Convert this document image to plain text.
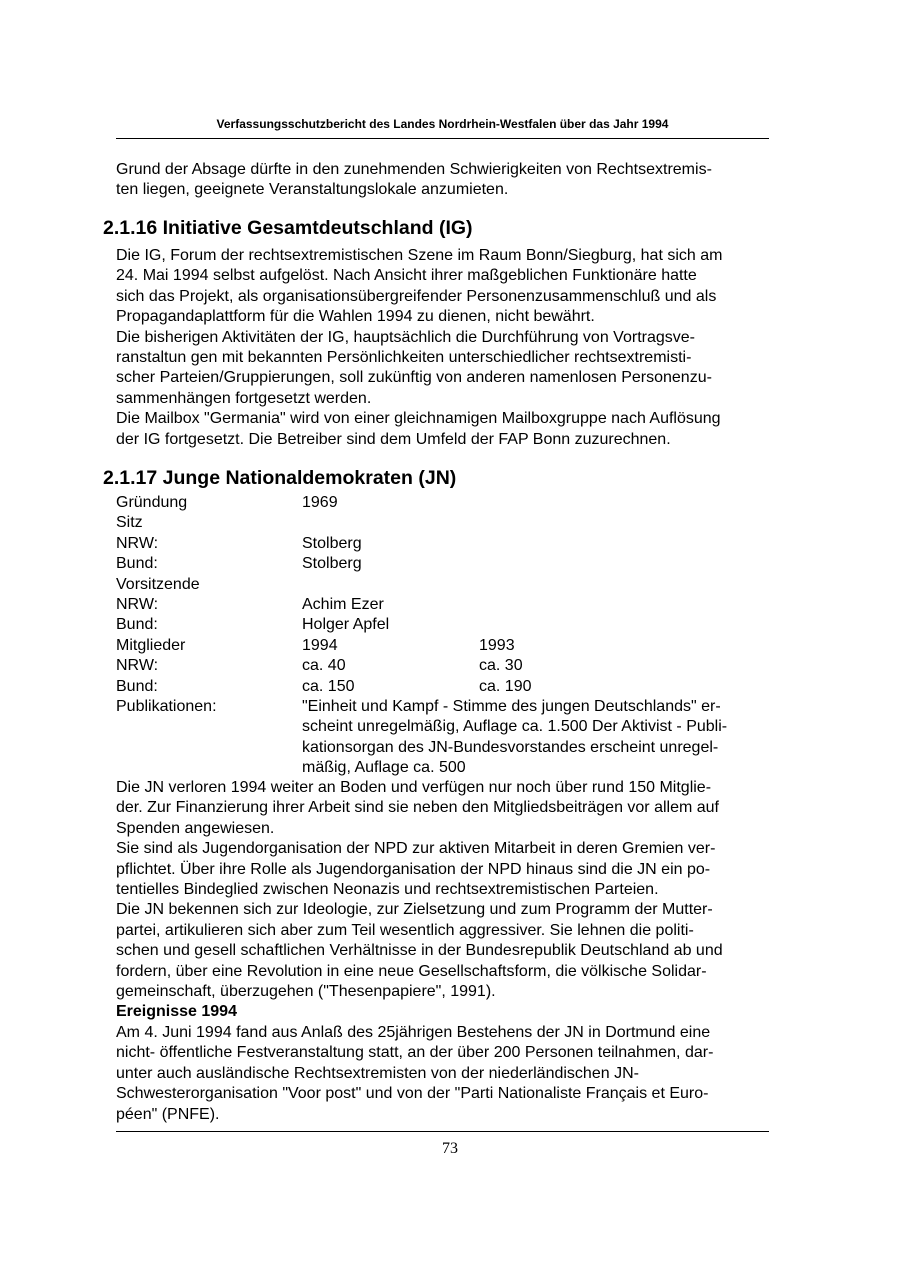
Verfassungsschutzbericht des Landes Nordrhein-Westfalen über das Jahr 1994

Grund der Absage dürfte in den zunehmenden Schwierigkeiten von Rechtsextremis-
ten liegen, geeignete Veranstaltungslokale anzumieten.

2.1.16 Initiative Gesamtdeutschland (IG)

Die IG, Forum der rechtsextremistischen Szene im Raum Bonn/Siegburg, hat sich am
24. Mai 1994 selbst aufgelöst. Nach Ansicht ihrer maßgeblichen Funktionäre hatte
sich das Projekt, als organisationsübergreifender Personenzusammenschluß und als
Propagandaplattform für die Wahlen 1994 zu dienen, nicht bewährt.

Die bisherigen Aktivitäten der IG, hauptsächlich die Durchführung von Vortragsve-
ranstaltun gen mit bekannten Persönlichkeiten unterschiedlicher rechtsextremisti-
scher Parteien/Gruppierungen, soll zukünftig von anderen namenlosen Personenzu-
sammenhängen fortgesetzt werden.

Die Mailbox "Germania" wird von einer gleichnamigen Mailboxgruppe nach Auflösung
der IG fortgesetzt. Die Betreiber sind dem Umfeld der FAP Bonn zuzurechnen.

2.1.17 Junge Nationaldemokraten (JN)
Gründung	1969
Sitz
NRW:	Stolberg
Bund:	Stolberg
Vorsitzende
NRW:	Achim Ezer
Bund:	Holger Apfel
Mitglieder	1994	1993
NRW:	ca. 40	ca. 30
Bund:	ca. 150	ca. 190
Publikationen:	"Einheit und Kampf - Stimme des jungen Deutschlands" er-
scheint unregelmäßig, Auflage ca. 1.500 Der Aktivist - Publi-
kationsorgan des JN-Bundesvorstandes erscheint unregel-
mäßig, Auflage ca. 500

Die JN verloren 1994 weiter an Boden und verfügen nur noch über rund 150 Mitglie-
der. Zur Finanzierung ihrer Arbeit sind sie neben den Mitgliedsbeiträgen vor allem auf
Spenden angewiesen.

Sie sind als Jugendorganisation der NPD zur aktiven Mitarbeit in deren Gremien ver-
pflichtet. Über ihre Rolle als Jugendorganisation der NPD hinaus sind die JN ein po-
tentielles Bindeglied zwischen Neonazis und rechtsextremistischen Parteien.

Die JN bekennen sich zur Ideologie, zur Zielsetzung und zum Programm der Mutter-
partei, artikulieren sich aber zum Teil wesentlich aggressiver. Sie lehnen die politi-
schen und gesell schaftlichen Verhältnisse in der Bundesrepublik Deutschland ab und
fordern, über eine Revolution in eine neue Gesellschaftsform, die völkische Solidar-
gemeinschaft, überzugehen ("Thesenpapiere", 1991).

Ereignisse 1994

Am 4. Juni 1994 fand aus Anlaß des 25jährigen Bestehens der JN in Dortmund eine
nicht- öffentliche Festveranstaltung statt, an der über 200 Personen teilnahmen, dar-
unter auch ausländische Rechtsextremisten von der niederländischen JN-
Schwesterorganisation "Voor post" und von der "Parti Nationaliste Français et Euro-
péen" (PNFE).

73
